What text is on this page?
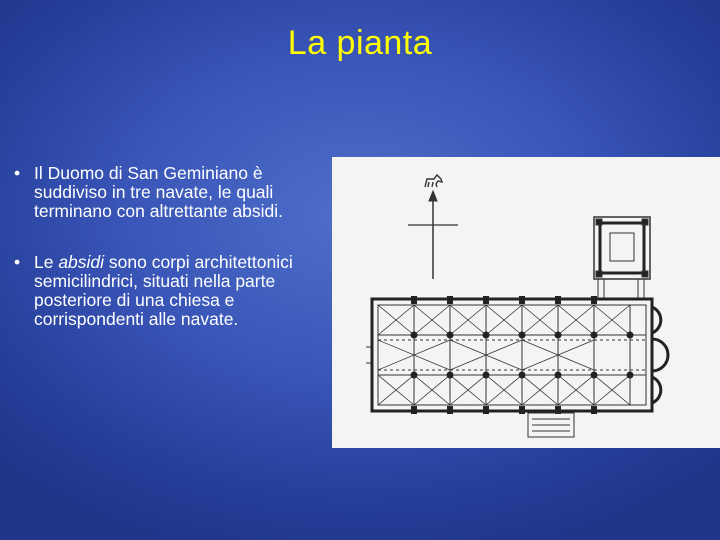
La pianta
• Il Duomo di San Geminiano è suddiviso in tre navate, le quali terminano con altrettante absidi.
• Le absidi sono corpi architettonici semicilindrici, situati nella parte posteriore di una chiesa e corrispondenti alle navate.
